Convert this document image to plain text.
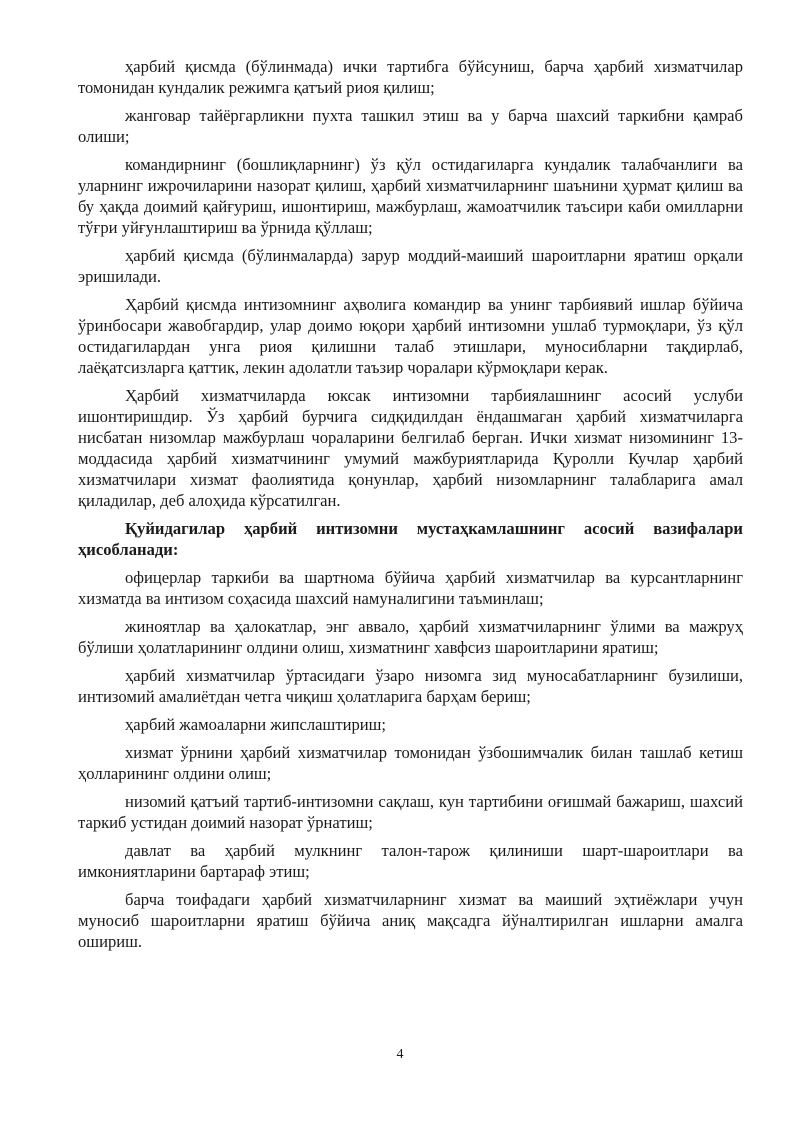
ҳарбий қисмда (бўлинмада) ички тартибга бўйсуниш, барча ҳарбий хизматчилар томонидан кундалик режимга қатъий риоя қилиш;

жанговар тайёргарликни пухта ташкил этиш ва у барча шахсий таркибни қамраб олиши;

командирнинг (бошлиқларнинг) ўз қўл остидагиларга кундалик талабчанлиги ва уларнинг ижрочиларини назорат қилиш, ҳарбий хизматчиларнинг шаънини ҳурмат қилиш ва бу ҳақда доимий қайғуриш, ишонтириш, мажбурлаш, жамоатчилик таъсири каби омилларни тўғри уйғунлаштириш ва ўрнида қўллаш;

ҳарбий қисмда (бўлинмаларда) зарур моддий-маиший шароитларни яратиш орқали эришилади.

Ҳарбий қисмда интизомнинг аҳволига командир ва унинг тарбиявий ишлар бўйича ўринбосари жавобгардир, улар доимо юқори ҳарбий интизомни ушлаб турмоқлари, ўз қўл остидагилардан унга риоя қилишни талаб этишлари, муносибларни тақдирлаб, лаёқатсизларга қаттик, лекин адолатли таъзир чоралари кўрмоқлари керак.

Ҳарбий хизматчиларда юксак интизомни тарбиялашнинг асосий услуби ишонтиришдир. Ўз ҳарбий бурчига сидқидилдан ёндашмаган ҳарбий хизматчиларга нисбатан низомлар мажбурлаш чораларини белгилаб берган. Ички хизмат низомининг 13-моддасида ҳарбий хизматчининг умумий мажбуриятларида Қуролли Кучлар ҳарбий хизматчилари хизмат фаолиятида қонунлар, ҳарбий низомларнинг талабларига амал қиладилар, деб алоҳида кўрсатилган.

Қуйидагилар ҳарбий интизомни мустаҳкамлашнинг асосий вазифалари ҳисобланади:

офицерлар таркиби ва шартнома бўйича ҳарбий хизматчилар ва курсантларнинг хизматда ва интизом соҳасида шахсий намуналигини таъминлаш;

жиноятлар ва ҳалокатлар, энг аввало, ҳарбий хизматчиларнинг ўлими ва мажруҳ бўлиши ҳолатларининг олдини олиш, хизматнинг хавфсиз шароитларини яратиш;

ҳарбий хизматчилар ўртасидаги ўзаро низомга зид муносабатларнинг бузилиши, интизомий амалиётдан четга чиқиш ҳолатларига барҳам бериш;

ҳарбий жамоаларни жипслаштириш;

хизмат ўрнини ҳарбий хизматчилар томонидан ўзбошимчалик билан ташлаб кетиш ҳолларининг олдини олиш;

низомий қатъий тартиб-интизомни сақлаш, кун тартибини оғишмай бажариш, шахсий таркиб устидан доимий назорат ўрнатиш;

давлат ва ҳарбий мулкнинг талон-тарож қилиниши шарт-шароитлари ва имкониятларини бартараф этиш;

барча тоифадаги ҳарбий хизматчиларнинг хизмат ва маиший эҳтиёжлари учун муносиб шароитларни яратиш бўйича аниқ мақсадга йўналтирилган ишларни амалга ошириш.

4
